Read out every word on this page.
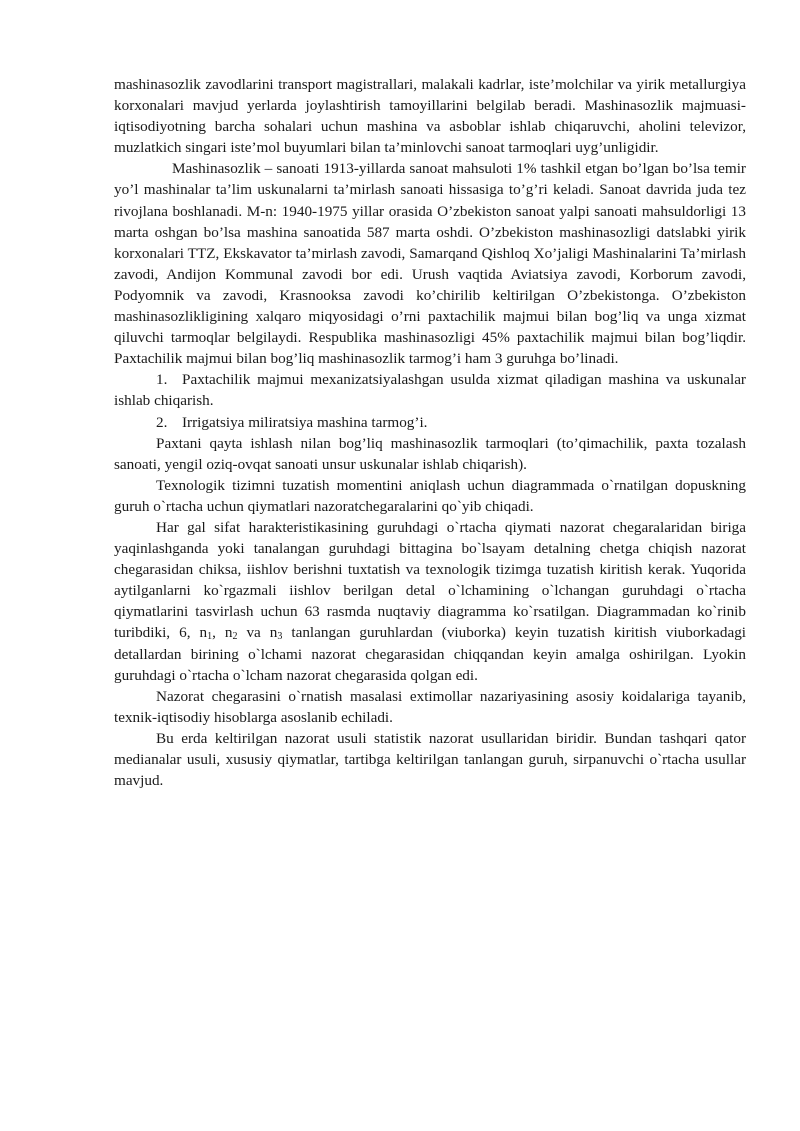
mashinasozlik zavodlarini transport magistrallari, malakali kadrlar, iste’molchilar va yirik metallurgiya korxonalari mavjud yerlarda joylashtirish tamoyillarini belgilab beradi. Mashinasozlik majmuasi- iqtisodiyotning barcha sohalari uchun mashina va asboblar ishlab chiqaruvchi, aholini televizor, muzlatkich singari iste’mol buyumlari bilan ta’minlovchi sanoat tarmoqlari uyg’unligidir.

Mashinasozlik – sanoati 1913-yillarda sanoat mahsuloti 1% tashkil etgan bo’lgan bo’lsa temir yo’l mashinalar ta’lim uskunalarni ta’mirlash sanoati hissasiga to’g’ri keladi. Sanoat davrida juda tez rivojlana boshlanadi. M-n: 1940-1975 yillar orasida O’zbekiston sanoat yalpi sanoati mahsuldorligi 13 marta oshgan bo’lsa mashina sanoatida 587 marta oshdi. O’zbekiston mashinasozligi datslabki yirik korxonalari TTZ, Ekskavator ta’mirlash zavodi, Samarqand Qishloq Xo’jaligi Mashinalarini Ta’mirlash zavodi, Andijon Kommunal zavodi bor edi. Urush vaqtida Aviatsiya zavodi, Korborum zavodi, Podyomnik va zavodi, Krasnooksa zavodi ko’chirilib keltirilgan O’zbekistonga. O’zbekiston mashinasozlikligining xalqaro miqyosidagi o’rni paxtachilik majmui bilan bog’liq va unga xizmat qiluvchi tarmoqlar belgilaydi. Respublika mashinasozligi 45% paxtachilik majmui bilan bog’liqdir. Paxtachilik majmui bilan bog’liq mashinasozlik tarmog’i ham 3 guruhga bo’linadi.

1. Paxtachilik majmui mexanizatsiyalashgan usulda xizmat qiladigan mashina va uskunalar ishlab chiqarish.

2. Irrigatsiya miliratsiya mashina tarmog’i.

Paxtani qayta ishlash nilan bog’liq mashinasozlik tarmoqlari (to’qimachilik, paxta tozalash sanoati, yengil oziq-ovqat sanoati unsur uskunalar ishlab chiqarish).

Texnologik tizimni tuzatish momentini aniqlash uchun diagrammada o`rnatilgan dopuskning guruh o`rtacha uchun qiymatlari nazoratchegaralarini qo`yib chiqadi.

Har gal sifat harakteristikasining guruhdagi o`rtacha qiymati nazorat chegaralaridan biriga yaqinlashganda yoki tanalangan guruhdagi bittagina bo`lsayam detalning chetga chiqish nazorat chegarasidan chiksa, iishlov berishni tuxtatish va texnologik tizimga tuzatish kiritish kerak. Yuqorida aytilganlarni ko`rgazmali iishlov berilgan detal o`lchamining o`lchangan guruhdagi o`rtacha qiymatlarini tasvirlash uchun 63 rasmda nuqtaviy diagramma ko`rsatilgan. Diagrammadan ko`rinib turibdiki, 6, $n_1$, $n_2$ va $n_3$ tanlangan guruhlardan (viuborka) keyin tuzatish kiritish viuborkadagi detallardan birining o`lchami nazorat chegarasidan chiqqandan keyin amalga oshirilgan. Lyokin guruhdagi o`rtacha o`lcham nazorat chegarasida qolgan edi.

Nazorat chegarasini o`rnatish masalasi extimollar nazariyasining asosiy koidalariga tayanib, texnik-iqtisodiy hisoblarga asoslanib echiladi.

Bu erda keltirilgan nazorat usuli statistik nazorat usullaridan biridir. Bundan tashqari qator medianalar usuli, xususiy qiymatlar, tartibga keltirilgan tanlangan guruh, sirpanuvchi o`rtacha usullar mavjud.
